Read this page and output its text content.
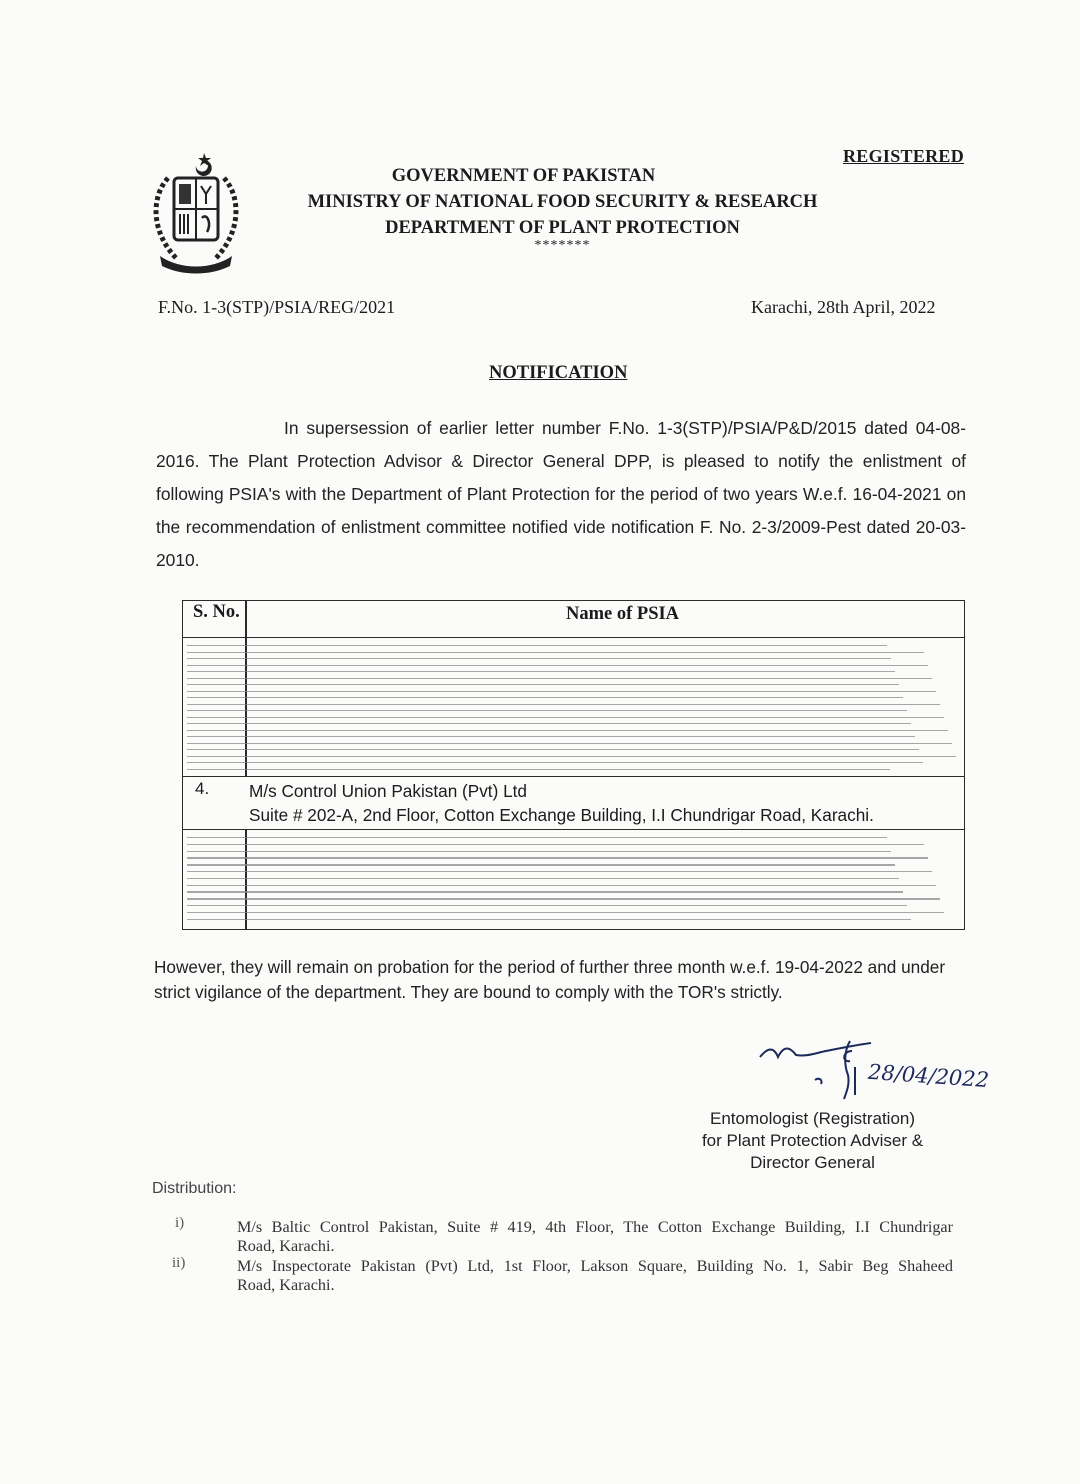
REGISTERED
GOVERNMENT OF PAKISTAN
MINISTRY OF NATIONAL FOOD SECURITY & RESEARCH
DEPARTMENT OF PLANT PROTECTION
*******
F.No. 1-3(STP)/PSIA/REG/2021	Karachi, 28th April, 2022
NOTIFICATION
In supersession of earlier letter number F.No. 1-3(STP)/PSIA/P&D/2015 dated 04-08-2016. The Plant Protection Advisor & Director General DPP, is pleased to notify the enlistment of following PSIA's with the Department of Plant Protection for the period of two years W.e.f. 16-04-2021 on the recommendation of enlistment committee notified vide notification F. No. 2-3/2009-Pest dated 20-03-2010.
S. No.	Name of PSIA
4. M/s Control Union Pakistan (Pvt) Ltd
Suite # 202-A, 2nd Floor, Cotton Exchange Building, I.I Chundrigar Road, Karachi.
However, they will remain on probation for the period of further three month w.e.f. 19-04-2022 and under strict vigilance of the department. They are bound to comply with the TOR's strictly.
28/04/2022
Entomologist (Registration)
for Plant Protection Adviser &
Director General
Distribution:
i)	M/s Baltic Control Pakistan, Suite # 419, 4th Floor, The Cotton Exchange Building, I.I Chundrigar
Road, Karachi.
ii)	M/s Inspectorate Pakistan (Pvt) Ltd, 1st Floor, Lakson Square, Building No. 1, Sabir Beg Shaheed
Road, Karachi.
